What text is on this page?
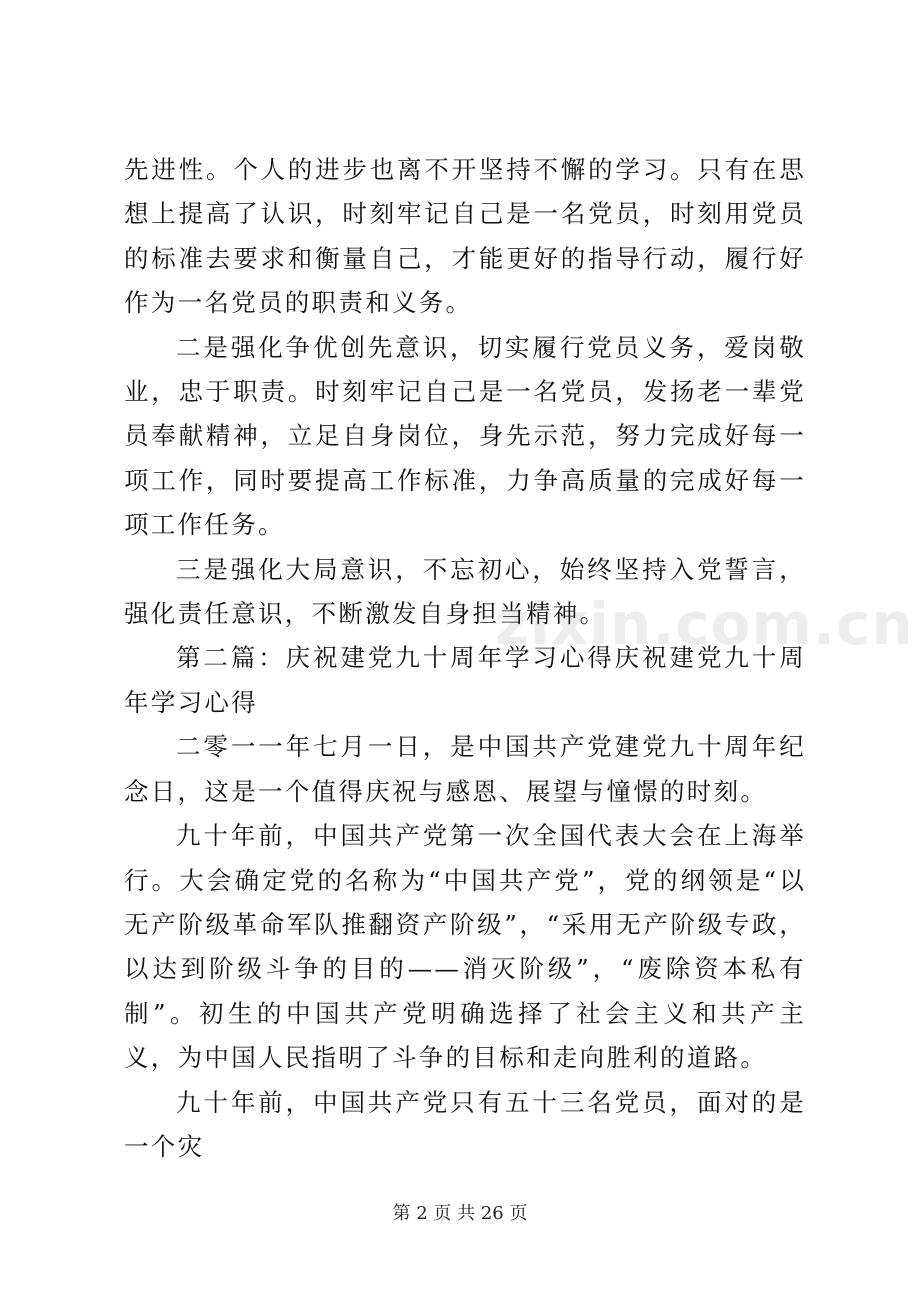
先进性。个人的进步也离不开坚持不懈的学习。只有在思想上提高了认识，时刻牢记自己是一名党员，时刻用党员的标准去要求和衡量自己，才能更好的指导行动，履行好作为一名党员的职责和义务。

二是强化争优创先意识，切实履行党员义务，爱岗敬业，忠于职责。时刻牢记自己是一名党员，发扬老一辈党员奉献精神，立足自身岗位，身先示范，努力完成好每一项工作，同时要提高工作标准，力争高质量的完成好每一项工作任务。

三是强化大局意识，不忘初心，始终坚持入党誓言，强化责任意识，不断激发自身担当精神。

第二篇：庆祝建党九十周年学习心得庆祝建党九十周年学习心得

二零一一年七月一日，是中国共产党建党九十周年纪念日，这是一个值得庆祝与感恩、展望与憧憬的时刻。

九十年前，中国共产党第一次全国代表大会在上海举行。大会确定党的名称为“中国共产党”，党的纲领是“以无产阶级革命军队推翻资产阶级”，“采用无产阶级专政，以达到阶级斗争的目的——消灭阶级”，“废除资本私有制”。初生的中国共产党明确选择了社会主义和共产主义，为中国人民指明了斗争的目标和走向胜利的道路。

九十年前，中国共产党只有五十三名党员，面对的是一个灾

zixin.com.cn
第 2 页 共 26 页
